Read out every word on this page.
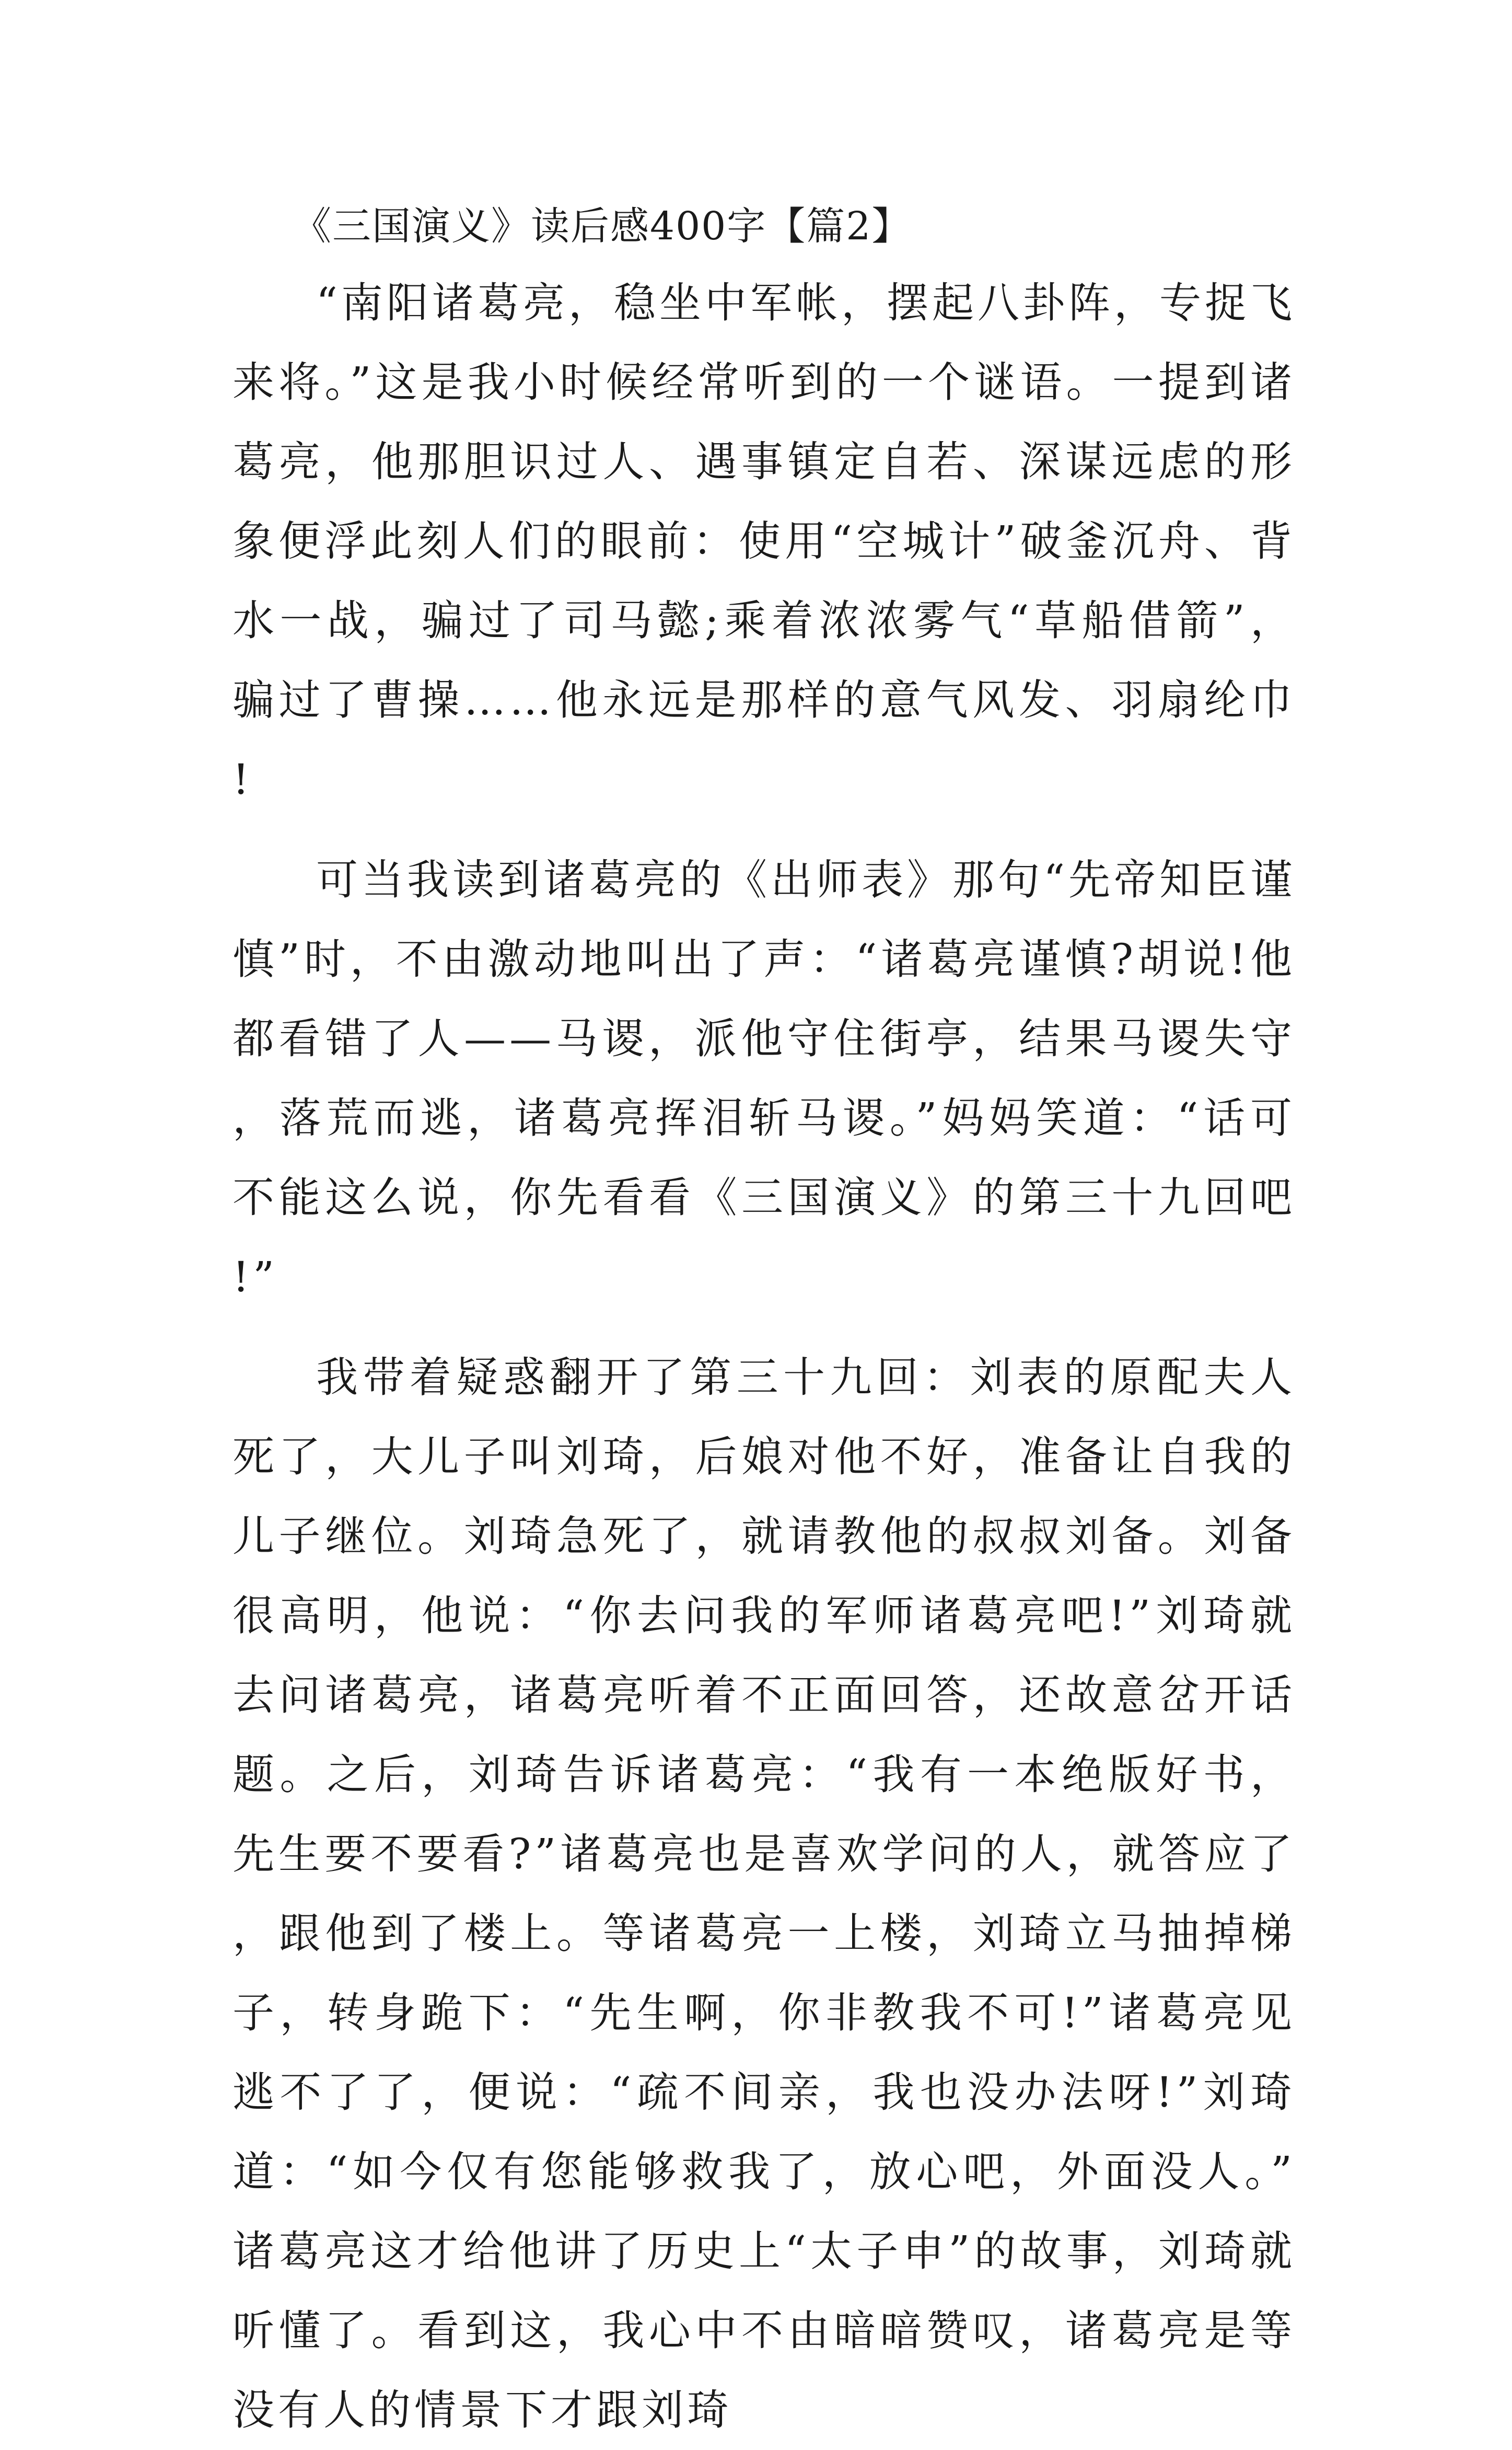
《三国演义》读后感400字【篇2】

“南阳诸葛亮，稳坐中军帐，摆起八卦阵，专捉飞来将。”这是我小时候经常听到的一个谜语。一提到诸葛亮，他那胆识过人、遇事镇定自若、深谋远虑的形象便浮此刻人们的眼前：使用“空城计”破釜沉舟、背水一战，骗过了司马懿;乘着浓浓雾气“草船借箭”，骗过了曹操……他永远是那样的意气风发、羽扇纶巾!

可当我读到诸葛亮的《出师表》那句“先帝知臣谨慎”时，不由激动地叫出了声：“诸葛亮谨慎?胡说!他都看错了人——马谡，派他守住街亭，结果马谡失守，落荒而逃，诸葛亮挥泪斩马谡。”妈妈笑道：“话可不能这么说，你先看看《三国演义》的第三十九回吧!”

我带着疑惑翻开了第三十九回：刘表的原配夫人死了，大儿子叫刘琦，后娘对他不好，准备让自我的儿子继位。刘琦急死了，就请教他的叔叔刘备。刘备很高明，他说：“你去问我的军师诸葛亮吧!”刘琦就去问诸葛亮，诸葛亮听着不正面回答，还故意岔开话题。之后，刘琦告诉诸葛亮：“我有一本绝版好书，先生要不要看?”诸葛亮也是喜欢学问的人，就答应了，跟他到了楼上。等诸葛亮一上楼，刘琦立马抽掉梯子，转身跪下：“先生啊，你非教我不可!”诸葛亮见逃不了了，便说：“疏不间亲，我也没办法呀!”刘琦道：“如今仅有您能够救我了，放心吧，外面没人。”诸葛亮这才给他讲了历史上“太子申”的故事，刘琦就听懂了。看到这，我心中不由暗暗赞叹，诸葛亮是等没有人的情景下才跟刘琦
